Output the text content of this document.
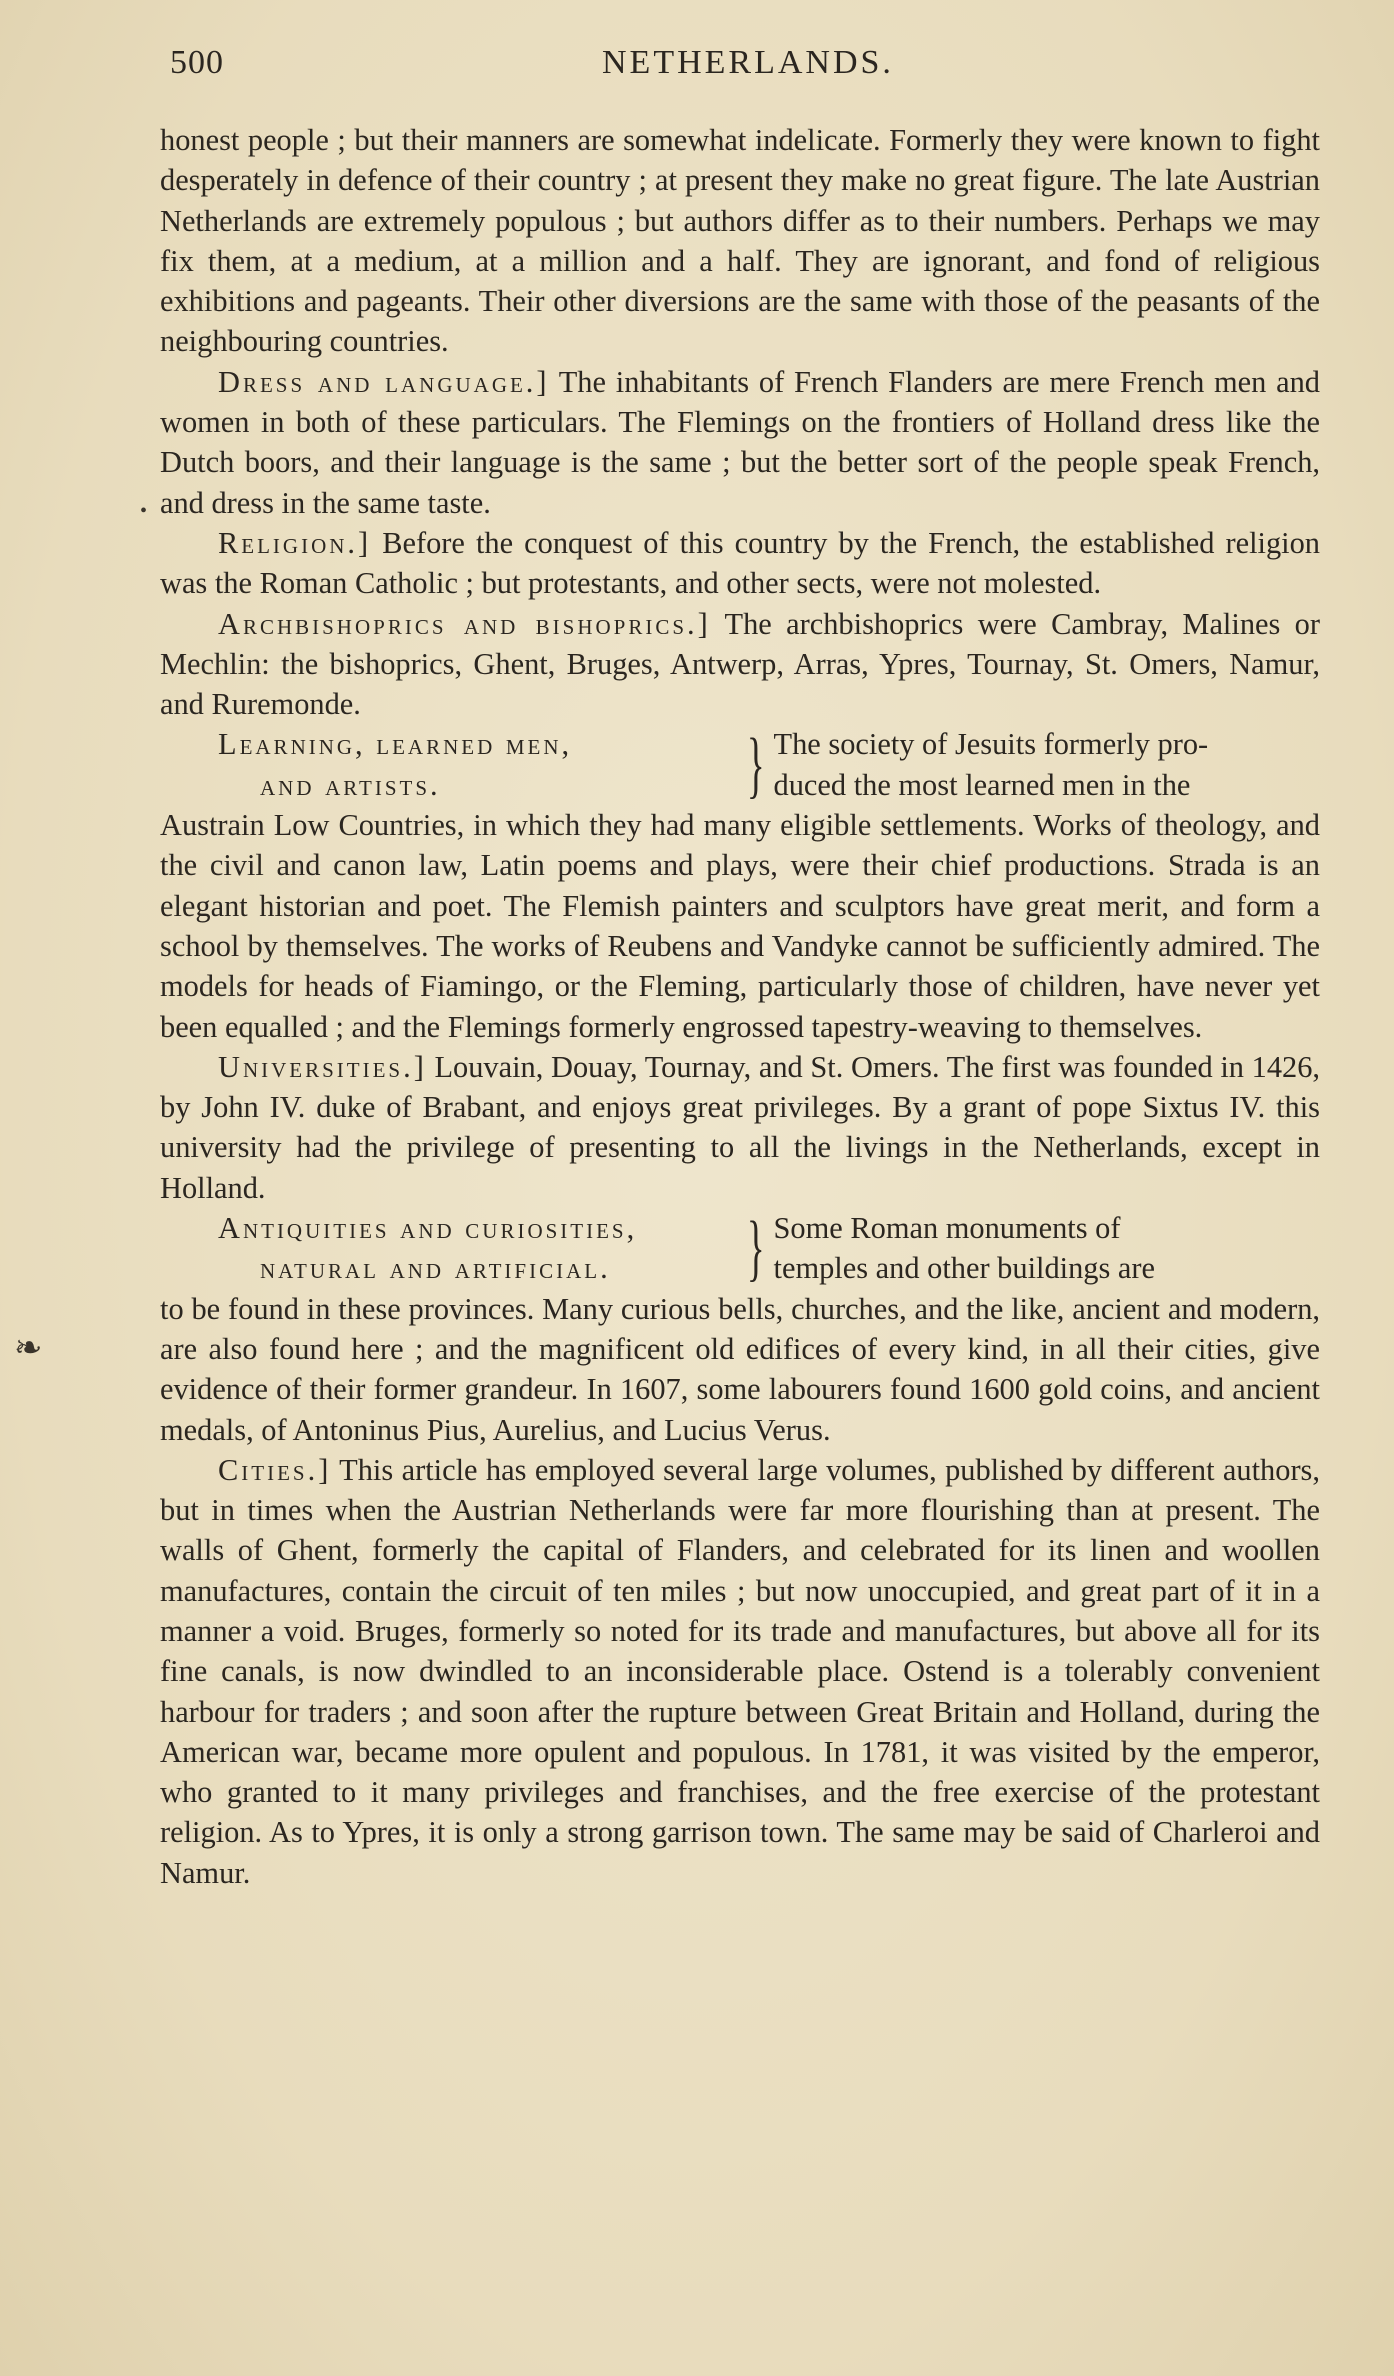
500	NETHERLANDS.
•
❧

honest people ; but their manners are somewhat indelicate. Formerly they were known to fight desperately in defence of their country ; at present they make no great figure. The late Austrian Netherlands are extremely populous ; but authors differ as to their numbers. Perhaps we may fix them, at a medium, at a million and a half. They are ignorant, and fond of religious exhibitions and pageants. Their other diversions are the same with those of the peasants of the neighbouring countries.

Dress and language.] The inhabitants of French Flanders are mere French men and women in both of these particulars. The Flemings on the frontiers of Holland dress like the Dutch boors, and their language is the same ; but the better sort of the people speak French, and dress in the same taste.

Religion.] Before the conquest of this country by the French, the established religion was the Roman Catholic ; but protestants, and other sects, were not molested.

Archbishoprics and bishoprics.] The archbishoprics were Cambray, Malines or Mechlin: the bishoprics, Ghent, Bruges, Antwerp, Arras, Ypres, Tournay, St. Omers, Namur, and Ruremonde.

Learning, learned men,
and artists.	} The society of Jesuits formerly pro-
duced the most learned men in the

Austrain Low Countries, in which they had many eligible settlements. Works of theology, and the civil and canon law, Latin poems and plays, were their chief productions. Strada is an elegant historian and poet. The Flemish painters and sculptors have great merit, and form a school by themselves. The works of Reubens and Vandyke cannot be sufficiently admired. The models for heads of Fiamingo, or the Fleming, particularly those of children, have never yet been equalled ; and the Flemings formerly engrossed tapestry-weaving to themselves.

Universities.] Louvain, Douay, Tournay, and St. Omers. The first was founded in 1426, by John IV. duke of Brabant, and enjoys great privileges. By a grant of pope Sixtus IV. this university had the privilege of presenting to all the livings in the Netherlands, except in Holland.

Antiquities and curiosities,
natural and artificial.	} Some Roman monuments of
temples and other buildings are

to be found in these provinces. Many curious bells, churches, and the like, ancient and modern, are also found here ; and the magnificent old edifices of every kind, in all their cities, give evidence of their former grandeur. In 1607, some labourers found 1600 gold coins, and ancient medals, of Antoninus Pius, Aurelius, and Lucius Verus.

Cities.] This article has employed several large volumes, published by different authors, but in times when the Austrian Netherlands were far more flourishing than at present. The walls of Ghent, formerly the capital of Flanders, and celebrated for its linen and woollen manufactures, contain the circuit of ten miles ; but now unoccupied, and great part of it in a manner a void. Bruges, formerly so noted for its trade and manufactures, but above all for its fine canals, is now dwindled to an inconsiderable place. Ostend is a tolerably convenient harbour for traders ; and soon after the rupture between Great Britain and Holland, during the American war, became more opulent and populous. In 1781, it was visited by the emperor, who granted to it many privileges and franchises, and the free exercise of the protestant religion. As to Ypres, it is only a strong garrison town. The same may be said of Charleroi and Namur.
